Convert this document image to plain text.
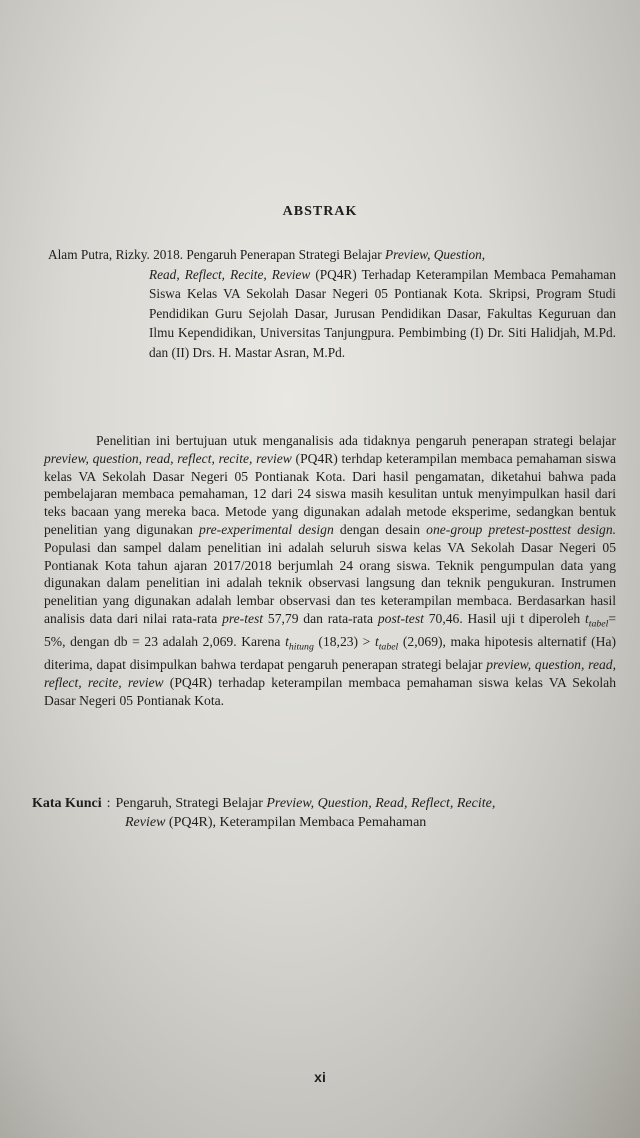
ABSTRAK
Alam Putra, Rizky. 2018. Pengaruh Penerapan Strategi Belajar Preview, Question,
Read, Reflect, Recite, Review (PQ4R) Terhadap Keterampilan Membaca Pemahaman Siswa Kelas VA Sekolah Dasar Negeri 05 Pontianak Kota. Skripsi, Program Studi Pendidikan Guru Sejolah Dasar, Jurusan Pendidikan Dasar, Fakultas Keguruan dan Ilmu Kependidikan, Universitas Tanjungpura. Pembimbing (I) Dr. Siti Halidjah, M.Pd. dan (II) Drs. H. Mastar Asran, M.Pd.

Penelitian ini bertujuan utuk menganalisis ada tidaknya pengaruh penerapan strategi belajar preview, question, read, reflect, recite, review (PQ4R) terhdap keterampilan membaca pemahaman siswa kelas VA Sekolah Dasar Negeri 05 Pontianak Kota. Dari hasil pengamatan, diketahui bahwa pada pembelajaran membaca pemahaman, 12 dari 24 siswa masih kesulitan untuk menyimpulkan hasil dari teks bacaan yang mereka baca. Metode yang digunakan adalah metode eksperime, sedangkan bentuk penelitian yang digunakan pre-experimental design dengan desain one-group pretest-posttest design. Populasi dan sampel dalam penelitian ini adalah seluruh siswa kelas VA Sekolah Dasar Negeri 05 Pontianak Kota tahun ajaran 2017/2018 berjumlah 24 orang siswa. Teknik pengumpulan data yang digunakan dalam penelitian ini adalah teknik observasi langsung dan teknik pengukuran. Instrumen penelitian yang digunakan adalah lembar observasi dan tes keterampilan membaca. Berdasarkan hasil analisis data dari nilai rata-rata pre-test 57,79 dan rata-rata post-test 70,46. Hasil uji t diperoleh $t_{tabel}= 5\%$, dengan db = 23 adalah 2,069. Karena $t_{hitung}$ $(18,23) > t_{tabel}$ (2,069), maka hipotesis alternatif (Ha) diterima, dapat disimpulkan bahwa terdapat pengaruh penerapan strategi belajar preview, question, read, reflect, recite, review (PQ4R) terhadap keterampilan membaca pemahaman siswa kelas VA Sekolah Dasar Negeri 05 Pontianak Kota.

Kata Kunci : Pengaruh, Strategi Belajar Preview, Question, Read, Reflect, Recite,
Review (PQ4R), Keterampilan Membaca Pemahaman
xi
